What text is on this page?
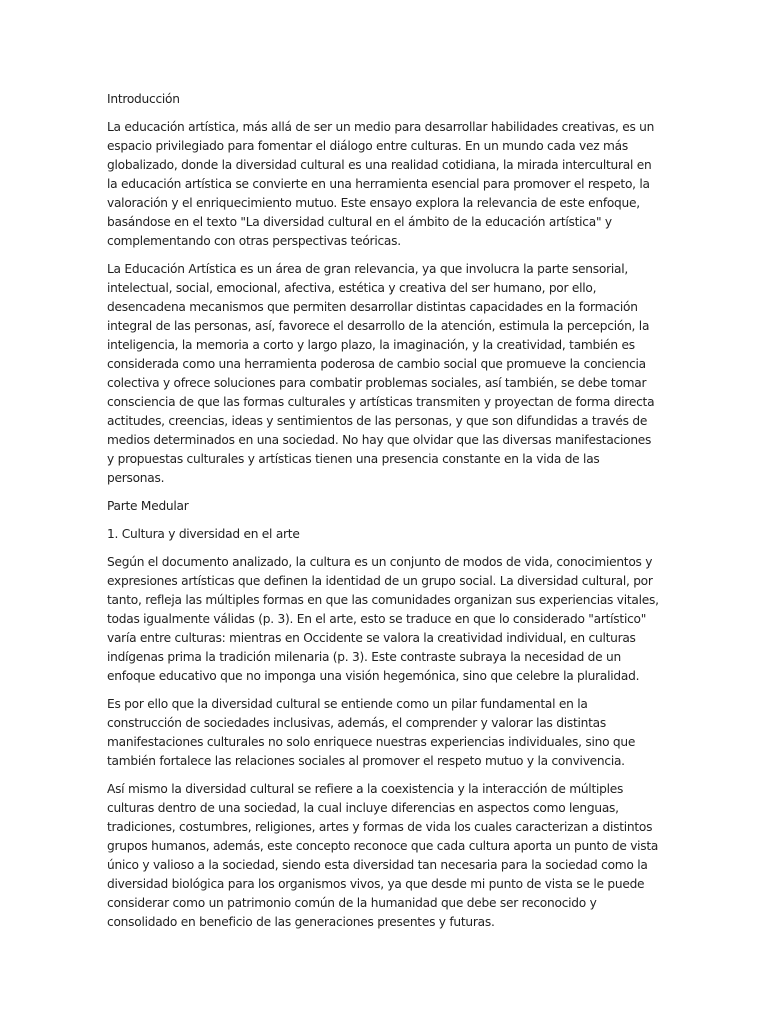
Introducción

La educación artística, más allá de ser un medio para desarrollar habilidades creativas, es un espacio privilegiado para fomentar el diálogo entre culturas. En un mundo cada vez más globalizado, donde la diversidad cultural es una realidad cotidiana, la mirada intercultural en la educación artística se convierte en una herramienta esencial para promover el respeto, la valoración y el enriquecimiento mutuo. Este ensayo explora la relevancia de este enfoque, basándose en el texto "La diversidad cultural en el ámbito de la educación artística" y complementando con otras perspectivas teóricas.

La Educación Artística es un área de gran relevancia, ya que involucra la parte sensorial, intelectual, social, emocional, afectiva, estética y creativa del ser humano, por ello, desencadena mecanismos que permiten desarrollar distintas capacidades en la formación integral de las personas, así, favorece el desarrollo de la atención, estimula la percepción, la inteligencia, la memoria a corto y largo plazo, la imaginación, y la creatividad, también es considerada como una herramienta poderosa de cambio social que promueve la conciencia colectiva y ofrece soluciones para combatir problemas sociales, así también, se debe tomar consciencia de que las formas culturales y artísticas transmiten y proyectan de forma directa actitudes, creencias, ideas y sentimientos de las personas, y que son difundidas a través de medios determinados en una sociedad. No hay que olvidar que las diversas manifestaciones y propuestas culturales y artísticas tienen una presencia constante en la vida de las personas.

Parte Medular

1. Cultura y diversidad en el arte

Según el documento analizado, la cultura es un conjunto de modos de vida, conocimientos y expresiones artísticas que definen la identidad de un grupo social. La diversidad cultural, por tanto, refleja las múltiples formas en que las comunidades organizan sus experiencias vitales, todas igualmente válidas (p. 3). En el arte, esto se traduce en que lo considerado "artístico" varía entre culturas: mientras en Occidente se valora la creatividad individual, en culturas indígenas prima la tradición milenaria (p. 3). Este contraste subraya la necesidad de un enfoque educativo que no imponga una visión hegemónica, sino que celebre la pluralidad.

Es por ello que la diversidad cultural se entiende como un pilar fundamental en la construcción de sociedades inclusivas, además, el comprender y valorar las distintas manifestaciones culturales no solo enriquece nuestras experiencias individuales, sino que también fortalece las relaciones sociales al promover el respeto mutuo y la convivencia.

Así mismo la diversidad cultural se refiere a la coexistencia y la interacción de múltiples culturas dentro de una sociedad, la cual incluye diferencias en aspectos como lenguas, tradiciones, costumbres, religiones, artes y formas de vida los cuales caracterizan a distintos grupos humanos, además, este concepto reconoce que cada cultura aporta un punto de vista único y valioso a la sociedad, siendo esta diversidad tan necesaria para la sociedad como la diversidad biológica para los organismos vivos, ya que desde mi punto de vista se le puede considerar como un patrimonio común de la humanidad que debe ser reconocido y consolidado en beneficio de las generaciones presentes y futuras.
